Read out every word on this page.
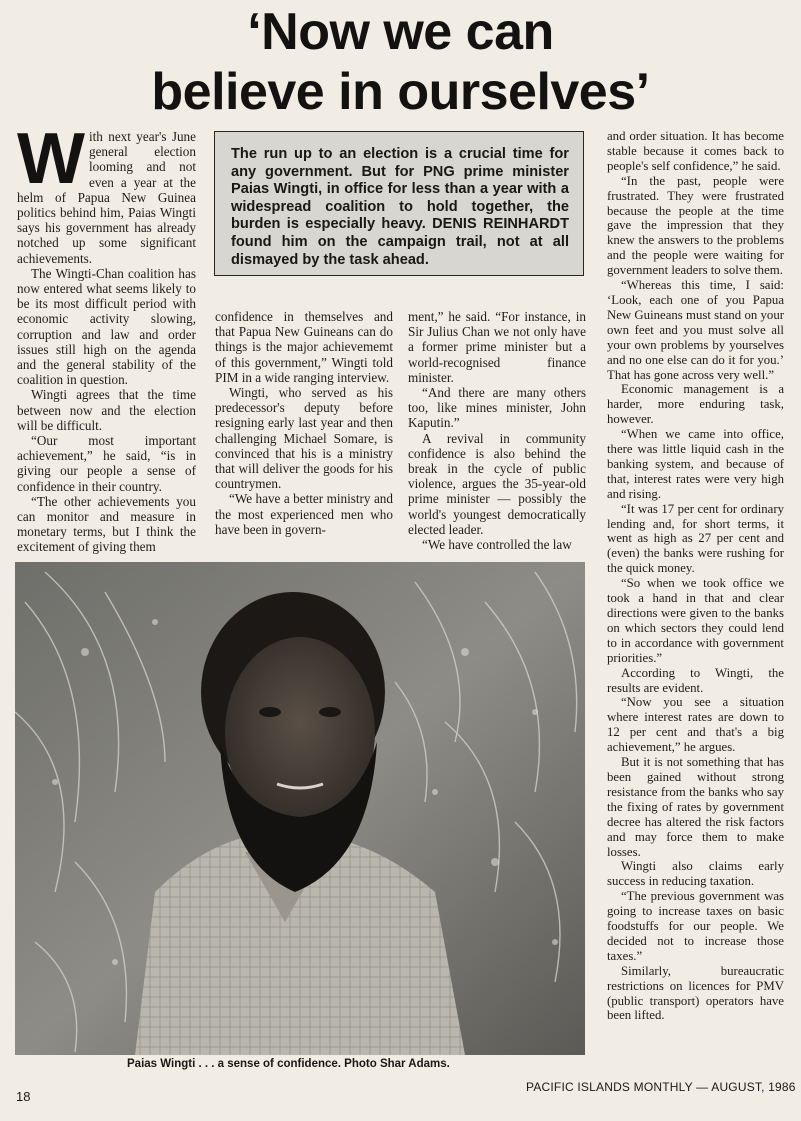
‘Now we can
believe in ourselves’
W ith next year's June general election looming and not even a year at the helm of Papua New Guinea politics behind him, Paias Wingti says his government has already notched up some significant achievements.

The Wingti-Chan coalition has now entered what seems likely to be its most difficult period with economic activity slowing, corruption and law and order issues still high on the agenda and the general stability of the coalition in question.

Wingti agrees that the time between now and the election will be difficult.

“Our most important achievement,” he said, “is in giving our people a sense of confidence in their country.

“The other achievements you can monitor and measure in monetary terms, but I think the excitement of giving them

The run up to an election is a crucial time for any government. But for PNG prime minister Paias Wingti, in office for less than a year with a widespread coalition to hold together, the burden is especially heavy. DENIS REINHARDT found him on the campaign trail, not at all dismayed by the task ahead.

confidence in themselves and that Papua New Guineans can do things is the major achievememt of this government,” Wingti told PIM in a wide ranging interview.

Wingti, who served as his predecessor's deputy before resigning early last year and then challenging Michael Somare, is convinced that his is a ministry that will deliver the goods for his countrymen.

“We have a better ministry and the most experienced men who have been in govern-

ment,” he said. “For instance, in Sir Julius Chan we not only have a former prime minister but a world-recognised finance minister.

“And there are many others too, like mines minister, John Kaputin.”

A revival in community confidence is also behind the break in the cycle of public violence, argues the 35-year-old prime minister — possibly the world's youngest democratically elected leader.

“We have controlled the law

and order situation. It has become stable because it comes back to people's self confidence,” he said.

“In the past, people were frustrated. They were frustrated because the people at the time gave the impression that they knew the answers to the problems and the people were waiting for government leaders to solve them.

“Whereas this time, I said: ‘Look, each one of you Papua New Guineans must stand on your own feet and you must solve all your own problems by yourselves and no one else can do it for you.’ That has gone across very well.”

Economic management is a harder, more enduring task, however.

“When we came into office, there was little liquid cash in the banking system, and because of that, interest rates were very high and rising.

“It was 17 per cent for ordinary lending and, for short terms, it went as high as 27 per cent and (even) the banks were rushing for the quick money.

“So when we took office we took a hand in that and clear directions were given to the banks on which sectors they could lend to in accordance with government priorities.”

According to Wingti, the results are evident.

“Now you see a situation where interest rates are down to 12 per cent and that's a big achievement,” he argues.

But it is not something that has been gained without strong resistance from the banks who say the fixing of rates by government decree has altered the risk factors and may force them to make losses.

Wingti also claims early success in reducing taxation.

“The previous government was going to increase taxes on basic foodstuffs for our people. We decided not to increase those taxes.”

Similarly, bureaucratic restrictions on licences for PMV (public transport) operators have been lifted.

Paias Wingti . . . a sense of confidence. Photo Shar Adams.
18
PACIFIC ISLANDS MONTHLY — AUGUST, 1986
